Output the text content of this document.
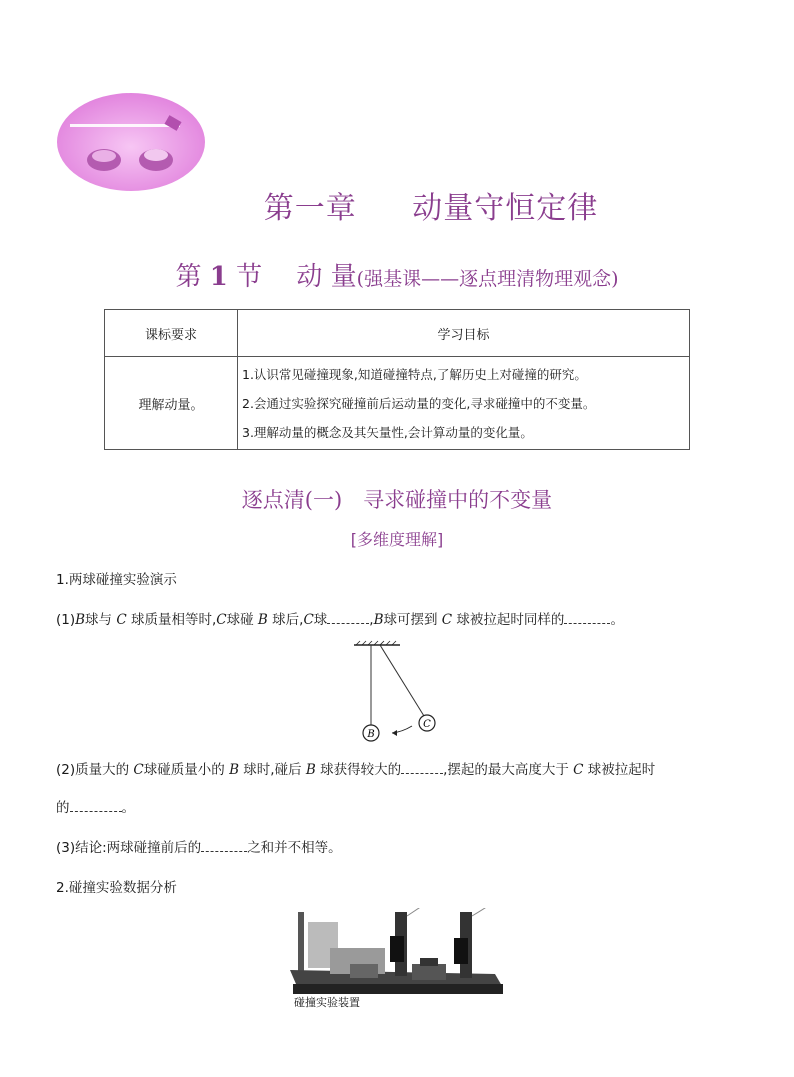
第一章　 动量守恒定律
第 1 节　 动 量(强基课——逐点理清物理观念)
课标要求	学习目标
理解动量。	1.认识常见碰撞现象,知道碰撞特点,了解历史上对碰撞的研究。
2.会通过实验探究碰撞前后运动量的变化,寻求碰撞中的不变量。
3.理解动量的概念及其矢量性,会计算动量的变化量。
逐点清(一)　寻求碰撞中的不变量
[多维度理解]
1.两球碰撞实验演示
(1)B球与 C 球质量相等时,C球碰 B 球后,C球	,B球可摆到 C 球被拉起时同样的	。
B
C
(2)质量大的 C球碰质量小的 B 球时,碰后 B 球获得较大的	,摆起的最大高度大于 C 球被拉起时
的	。
(3)结论:两球碰撞前后的	之和并不相等。
2.碰撞实验数据分析
碰撞实验装置
